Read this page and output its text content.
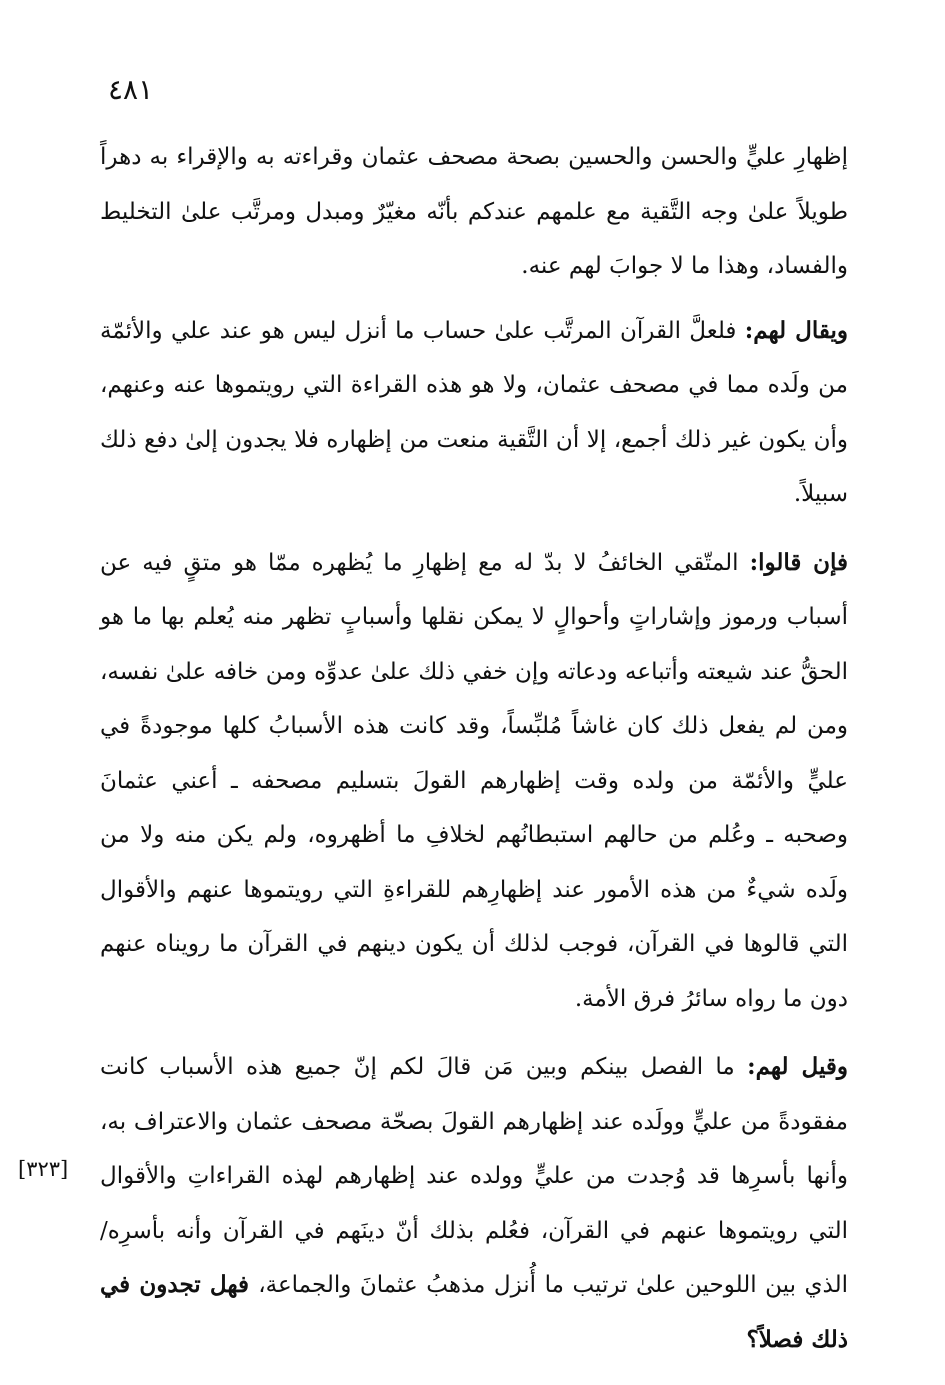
٤٨١
[٣٢٣]

إظهارِ عليٍّ والحسن والحسين بصحة مصحف عثمان وقراءته به والإقراء به دهراً طويلاً علىٰ وجه التَّقية مع علمهم عندكم بأنّه مغيّرٌ ومبدل ومرتَّب علىٰ التخليط والفساد، وهذا ما لا جوابَ لهم عنه.

ويقال لهم: فلعلَّ القرآن المرتَّب علىٰ حساب ما أنزل ليس هو عند علي والأئمّة من ولَده مما في مصحف عثمان، ولا هو هذه القراءة التي رويتموها عنه وعنهم، وأن يكون غير ذلك أجمع، إلا أن التَّقية منعت من إظهاره فلا يجدون إلىٰ دفع ذلك سبيلاً.

فإن قالوا: المتّقي الخائفُ لا بدّ له مع إظهارِ ما يُظهره ممّا هو متقٍ فيه عن أسباب ورموز وإشاراتٍ وأحوالٍ لا يمكن نقلها وأسبابٍ تظهر منه يُعلم بها ما هو الحقُّ عند شيعته وأتباعه ودعاته وإن خفي ذلك علىٰ عدوِّه ومن خافه علىٰ نفسه، ومن لم يفعل ذلك كان غاشاً مُلبِّساً، وقد كانت هذه الأسبابُ كلها موجودةً في عليٍّ والأئمّة من ولده وقت إظهارهم القولَ بتسليم مصحفه ـ أعني عثمانَ وصحبه ـ وعُلم من حالهم استبطانُهم لخلافِ ما أظهروه، ولم يكن منه ولا من ولَده شيءٌ من هذه الأمور عند إظهارِهم للقراءةِ التي رويتموها عنهم والأقوال التي قالوها في القرآن، فوجب لذلك أن يكون دينهم في القرآن ما رويناه عنهم دون ما رواه سائرُ فرق الأمة.

وقيل لهم: ما الفصل بينكم وبين مَن قالَ لكم إنّ جميع هذه الأسباب كانت مفقودةً من عليٍّ وولَده عند إظهارهم القولَ بصحّة مصحف عثمان والاعتراف به، وأنها بأسرِها قد وُجدت من عليٍّ وولده عند إظهارهم لهذه القراءاتِ والأقوال التي رويتموها عنهم في القرآن، فعُلم بذلك أنّ دينَهم في القرآن وأنه بأسرِه/ الذي بين اللوحين علىٰ ترتيب ما أُنزل مذهبُ عثمانَ والجماعة، فهل تجدون في ذلك فصلاً؟
